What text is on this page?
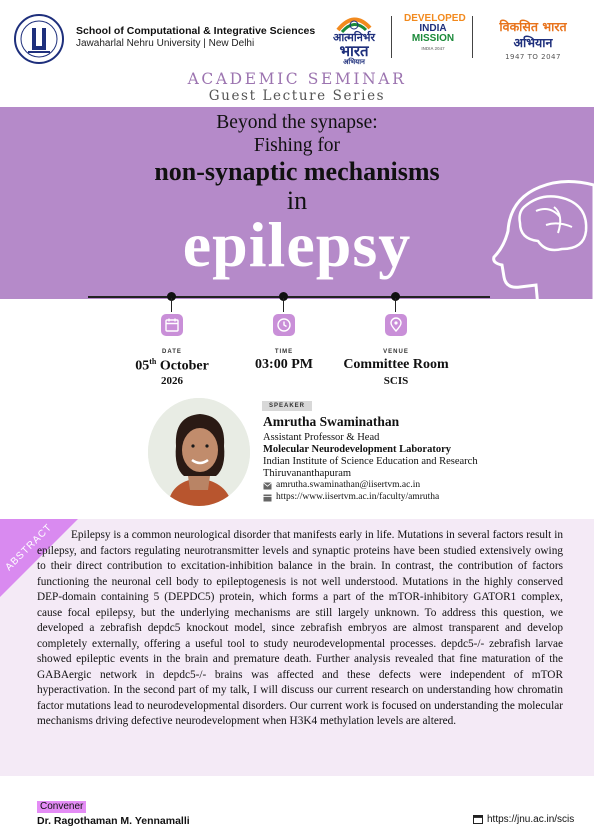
School of Computational & Integrative Sciences
Jawaharlal Nehru University | New Delhi	आत्मनिर्भर
भारत
अभियान
DEVELOPED
INDIA
MISSION
INDIA 2047
विकसित भारत
अभियान
1947 TO 2047
ACADEMIC SEMINAR
Guest Lecture Series
Beyond the synapse:
Fishing for
non-synaptic mechanisms
in
epilepsy
DATE
05th October
2026
TIME
03:00 PM
VENUE
Committee Room
SCIS
SPEAKER
Amrutha Swaminathan
Assistant Professor & Head
Molecular Neurodevelopment Laboratory
Indian Institute of Science Education and Research
Thiruvananthapuram
amrutha.swaminathan@iisertvm.ac.in
https://www.iisertvm.ac.in/faculty/amrutha
ABSTRACT	Epilepsy is a common neurological disorder that manifests early in life. Mutations in several factors result in epilepsy, and factors regulating neurotransmitter levels and synaptic proteins have been studied extensively owing to their direct contribution to excitation-inhibition balance in the brain. In contrast, the contribution of factors functioning the neuronal cell body to epileptogenesis is not well understood. Mutations in the highly conserved DEP-domain containing 5 (DEPDC5) protein, which forms a part of the mTOR-inhibitory GATOR1 complex, cause focal epilepsy, but the underlying mechanisms are still largely unknown. To address this question, we developed a zebrafish depdc5 knockout model, since zebrafish embryos are almost transparent and develop completely externally, offering a useful tool to study neurodevelopmental processes. depdc5-/- zebrafish larvae showed epileptic events in the brain and premature death. Further analysis revealed that fine maturation of the GABAergic network in depdc5-/- brains was affected and these defects were independent of mTOR hyperactivation. In the second part of my talk, I will discuss our current research on understanding how chromatin factor mutations lead to neurodevelopmental disorders. Our current work is focused on understanding the molecular mechanisms driving defective neurodevelopment when H3K4 methylation levels are altered.
Convener
Dr. Ragothaman M. Yennamalli	https://jnu.ac.in/scis
